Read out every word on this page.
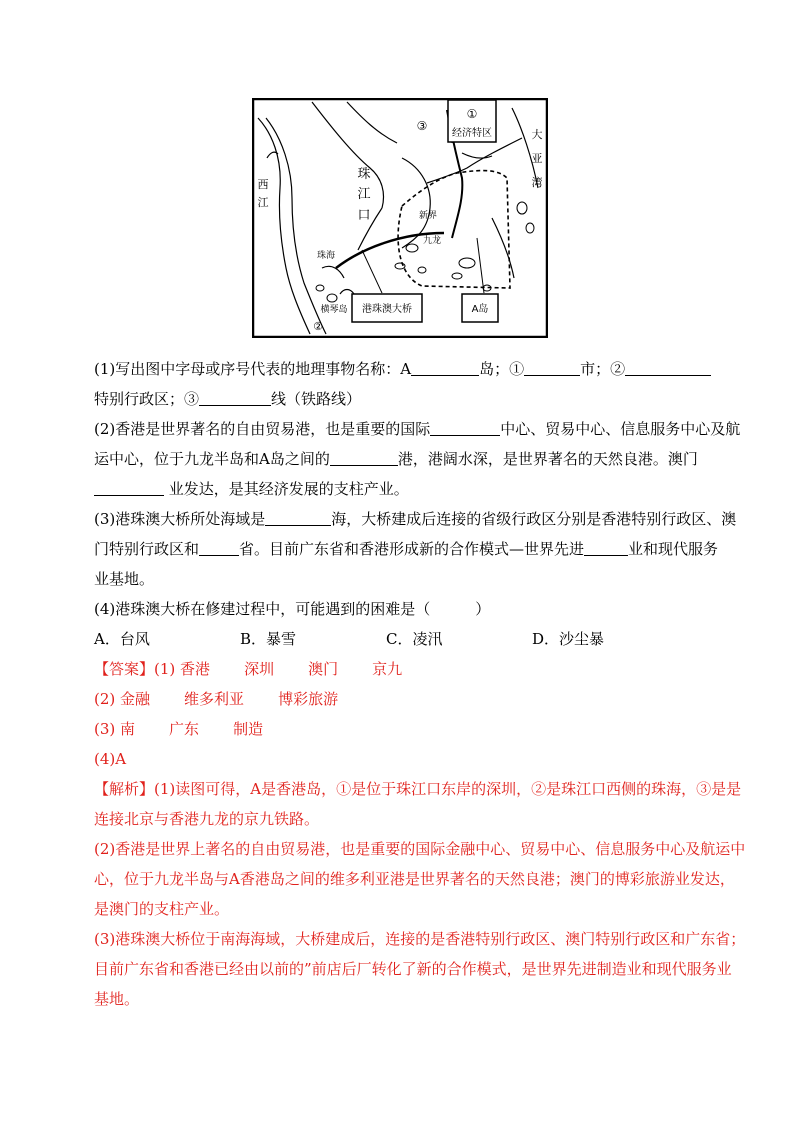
①
经济特区
③
珠
江
口
西
江
大
亚
湾
新界
九龙
珠海
横琴岛
②
港珠澳大桥	A岛
(1)写出图中字母或序号代表的地理事物名称：A	岛；①	市；②
特别行政区；③	线（铁路线）
(2)香港是世界著名的自由贸易港，也是重要的国际	中心、贸易中心、信息服务中心及航
运中心，位于九龙半岛和A岛之间的	港，港阔水深，是世界著名的天然良港。澳门
业发达，是其经济发展的支柱产业。
(3)港珠澳大桥所处海域是	海，大桥建成后连接的省级行政区分别是香港特别行政区、澳
门特别行政区和	省。目前广东省和香港形成新的合作模式—世界先进	业和现代服务
业基地。
(4)港珠澳大桥在修建过程中，可能遇到的困难是（　　　）
A．台风	B．暴雪	C．凌汛	D．沙尘暴
【答案】(1) 香港 深圳 澳门 京九
(2) 金融 维多利亚 博彩旅游
(3) 南 广东 制造
(4)A
【解析】(1)读图可得，A是香港岛，①是位于珠江口东岸的深圳，②是珠江口西侧的珠海，③是是
连接北京与香港九龙的京九铁路。
(2)香港是世界上著名的自由贸易港，也是重要的国际金融中心、贸易中心、信息服务中心及航运中
心，位于九龙半岛与A香港岛之间的维多利亚港是世界著名的天然良港；澳门的博彩旅游业发达，
是澳门的支柱产业。
(3)港珠澳大桥位于南海海域，大桥建成后，连接的是香港特别行政区、澳门特别行政区和广东省；
目前广东省和香港已经由以前的”前店后厂转化了新的合作模式，是世界先进制造业和现代服务业
基地。
